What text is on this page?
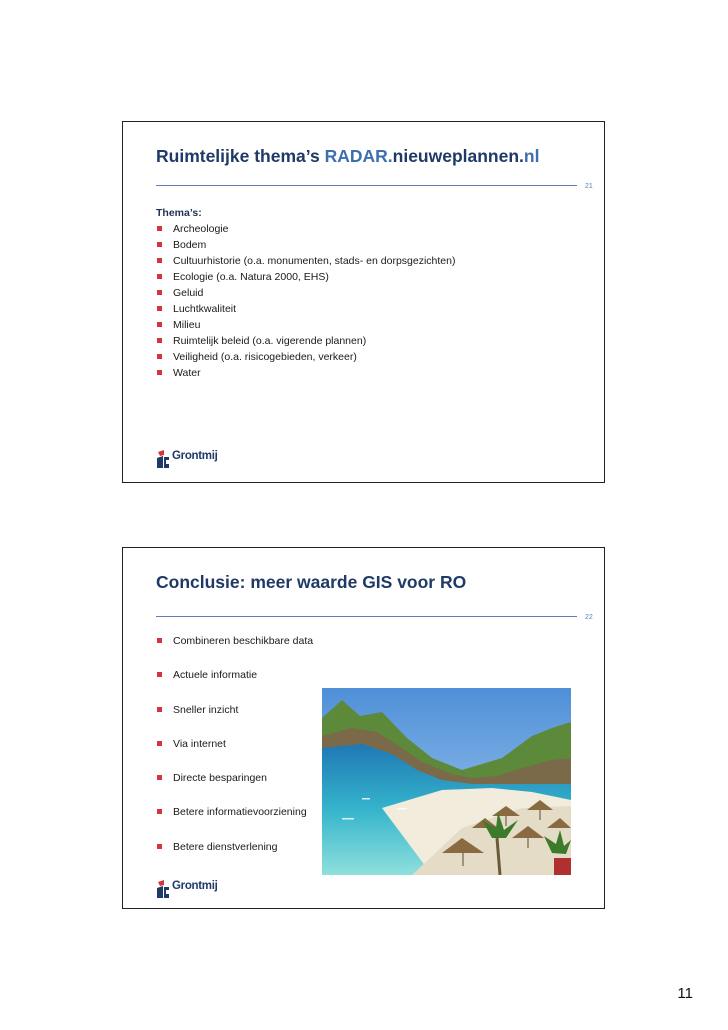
Ruimtelijke thema’s RADAR.nieuweplannen.nl
21
Thema’s:
Archeologie
Bodem
Cultuurhistorie (o.a. monumenten, stads- en dorpsgezichten)
Ecologie (o.a. Natura 2000, EHS)
Geluid
Luchtkwaliteit
Milieu
Ruimtelijk beleid (o.a. vigerende plannen)
Veiligheid (o.a. risicogebieden, verkeer)
Water
Grontmij
Conclusie: meer waarde GIS voor RO
22
Combineren beschikbare data
Actuele informatie
Sneller inzicht
Via internet
Directe besparingen
Betere informatievoorziening
Betere dienstverlening
Grontmij
11
